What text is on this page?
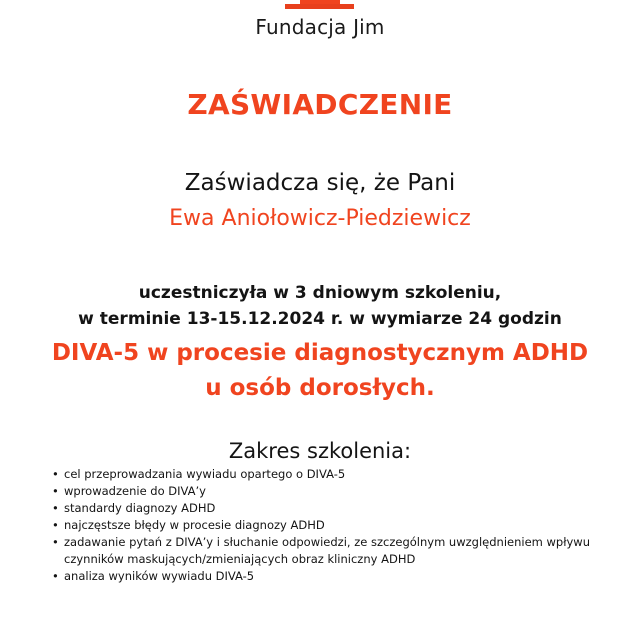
Fundacja Jim
ZAŚWIADCZENIE
Zaświadcza się, że Pani
Ewa Aniołowicz-Piedziewicz
uczestniczyła w 3 dniowym szkoleniu,
w terminie 13-15.12.2024 r. w wymiarze 24 godzin
DIVA-5 w procesie diagnostycznym ADHD
u osób dorosłych.
Zakres szkolenia:
• cel przeprowadzania wywiadu opartego o DIVA-5
• wprowadzenie do DIVA’y
• standardy diagnozy ADHD
• najczęstsze błędy w procesie diagnozy ADHD
• zadawanie pytań z DIVA’y i słuchanie odpowiedzi, ze szczególnym uwzględnieniem wpływu czynników maskujących/zmieniających obraz kliniczny ADHD
• analiza wyników wywiadu DIVA-5
